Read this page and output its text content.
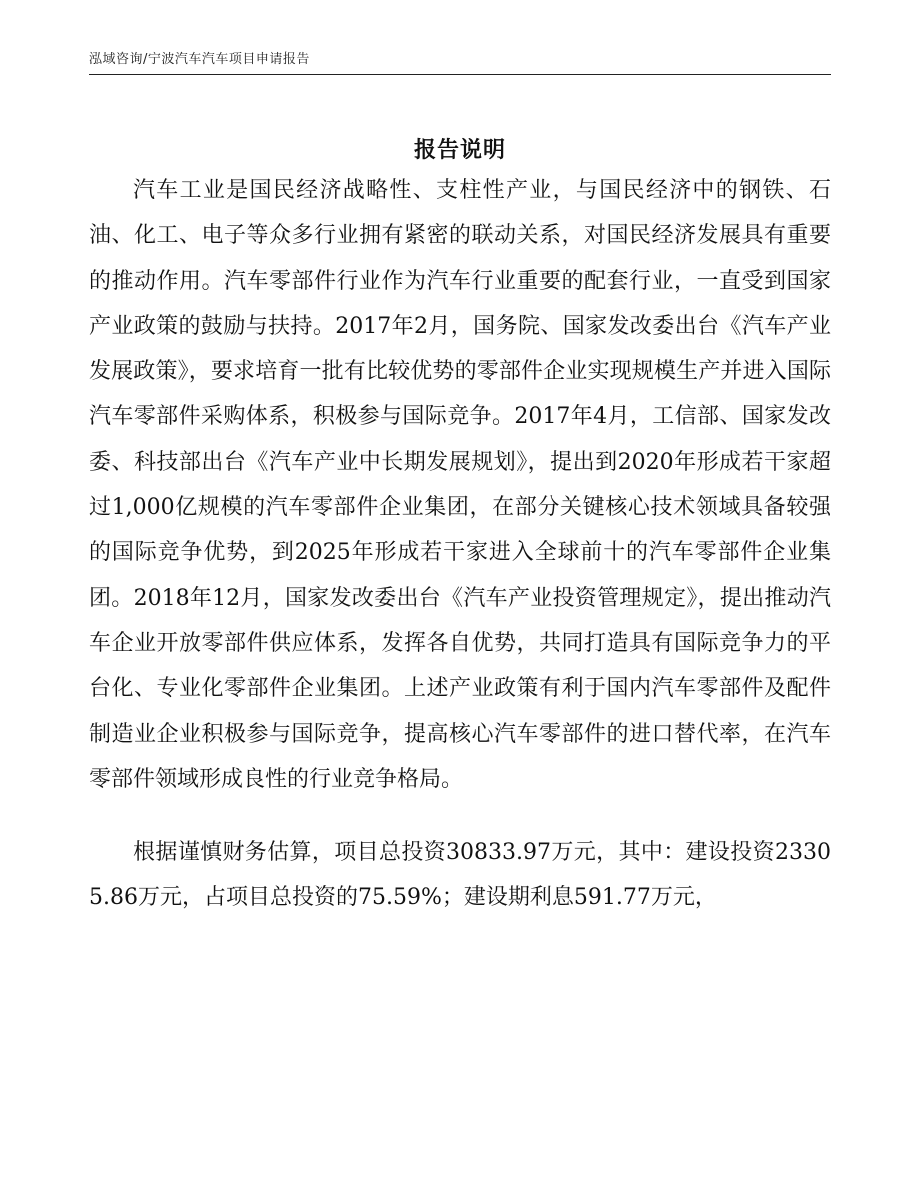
泓域咨询/宁波汽车汽车项目申请报告
报告说明

汽车工业是国民经济战略性、支柱性产业，与国民经济中的钢铁、石油、化工、电子等众多行业拥有紧密的联动关系，对国民经济发展具有重要的推动作用。汽车零部件行业作为汽车行业重要的配套行业，一直受到国家产业政策的鼓励与扶持。2017年2月，国务院、国家发改委出台《汽车产业发展政策》，要求培育一批有比较优势的零部件企业实现规模生产并进入国际汽车零部件采购体系，积极参与国际竞争。2017年4月，工信部、国家发改委、科技部出台《汽车产业中长期发展规划》，提出到2020年形成若干家超过1,000亿规模的汽车零部件企业集团，在部分关键核心技术领域具备较强的国际竞争优势，到2025年形成若干家进入全球前十的汽车零部件企业集团。2018年12月，国家发改委出台《汽车产业投资管理规定》，提出推动汽车企业开放零部件供应体系，发挥各自优势，共同打造具有国际竞争力的平台化、专业化零部件企业集团。上述产业政策有利于国内汽车零部件及配件制造业企业积极参与国际竞争，提高核心汽车零部件的进口替代率，在汽车零部件领域形成良性的行业竞争格局。

根据谨慎财务估算，项目总投资30833.97万元，其中：建设投资23305.86万元，占项目总投资的75.59%；建设期利息591.77万元，
